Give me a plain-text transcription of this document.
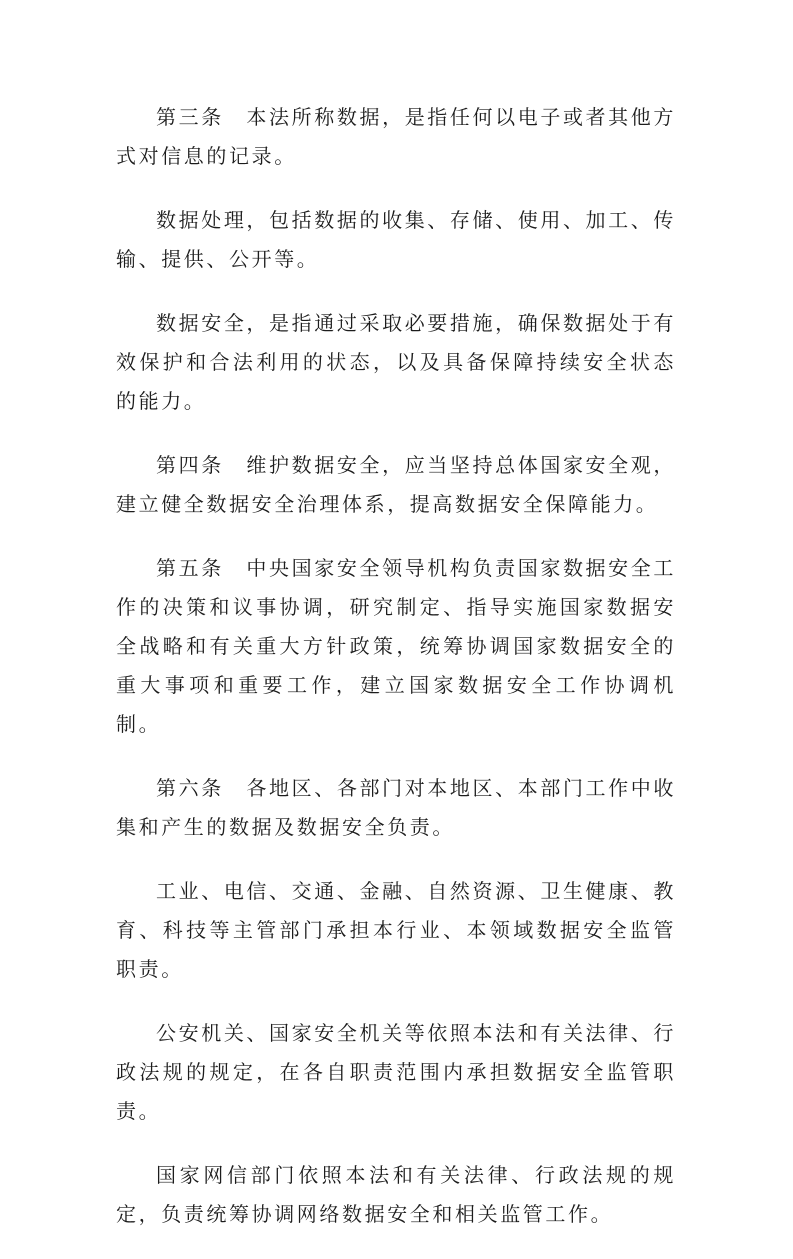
第三条　本法所称数据，是指任何以电子或者其他方式对信息的记录。

数据处理，包括数据的收集、存储、使用、加工、传输、提供、公开等。

数据安全，是指通过采取必要措施，确保数据处于有效保护和合法利用的状态，以及具备保障持续安全状态的能力。

第四条　维护数据安全，应当坚持总体国家安全观，建立健全数据安全治理体系，提高数据安全保障能力。

第五条　中央国家安全领导机构负责国家数据安全工作的决策和议事协调，研究制定、指导实施国家数据安全战略和有关重大方针政策，统筹协调国家数据安全的重大事项和重要工作，建立国家数据安全工作协调机制。

第六条　各地区、各部门对本地区、本部门工作中收集和产生的数据及数据安全负责。

工业、电信、交通、金融、自然资源、卫生健康、教育、科技等主管部门承担本行业、本领域数据安全监管职责。

公安机关、国家安全机关等依照本法和有关法律、行政法规的规定，在各自职责范围内承担数据安全监管职责。

国家网信部门依照本法和有关法律、行政法规的规定，负责统筹协调网络数据安全和相关监管工作。
